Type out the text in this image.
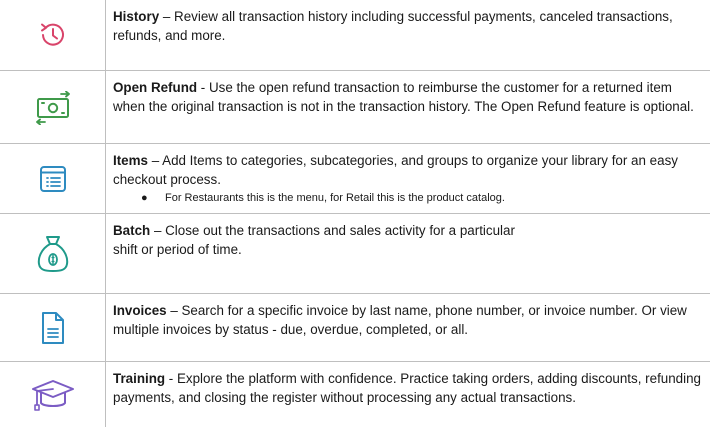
History – Review all transaction history including successful payments, canceled transactions, refunds, and more.
Open Refund - Use the open refund transaction to reimburse the customer for a returned item when the original transaction is not in the transaction history. The Open Refund feature is optional.
Items – Add Items to categories, subcategories, and groups to organize your library for an easy checkout process.
● For Restaurants this is the menu, for Retail this is the product catalog.
Batch – Close out the transactions and sales activity for a particular
shift or period of time.
Invoices – Search for a specific invoice by last name, phone number, or invoice number. Or view multiple invoices by status - due, overdue, completed, or all.
Training - Explore the platform with confidence. Practice taking orders, adding discounts, refunding payments, and closing the register without processing any actual transactions.
